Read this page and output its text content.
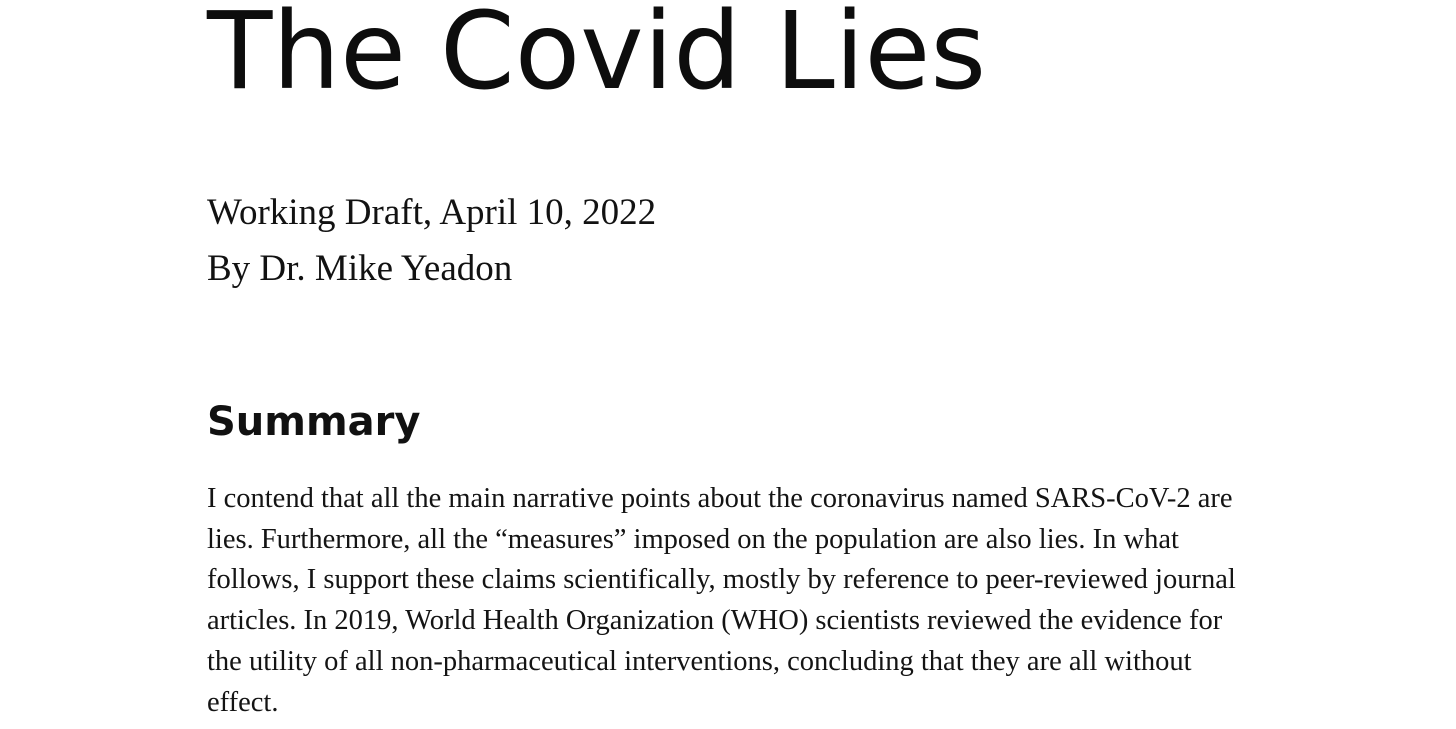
The Covid Lies
Working Draft, April 10, 2022
By Dr. Mike Yeadon
Summary

I contend that all the main narrative points about the coronavirus named SARS-CoV-2 are lies. Furthermore, all the “measures” imposed on the population are also lies. In what follows, I support these claims scientifically, mostly by reference to peer-reviewed journal articles. In 2019, World Health Organization (WHO) scientists reviewed the evidence for the utility of all non-pharmaceutical interventions, concluding that they are all without effect.
